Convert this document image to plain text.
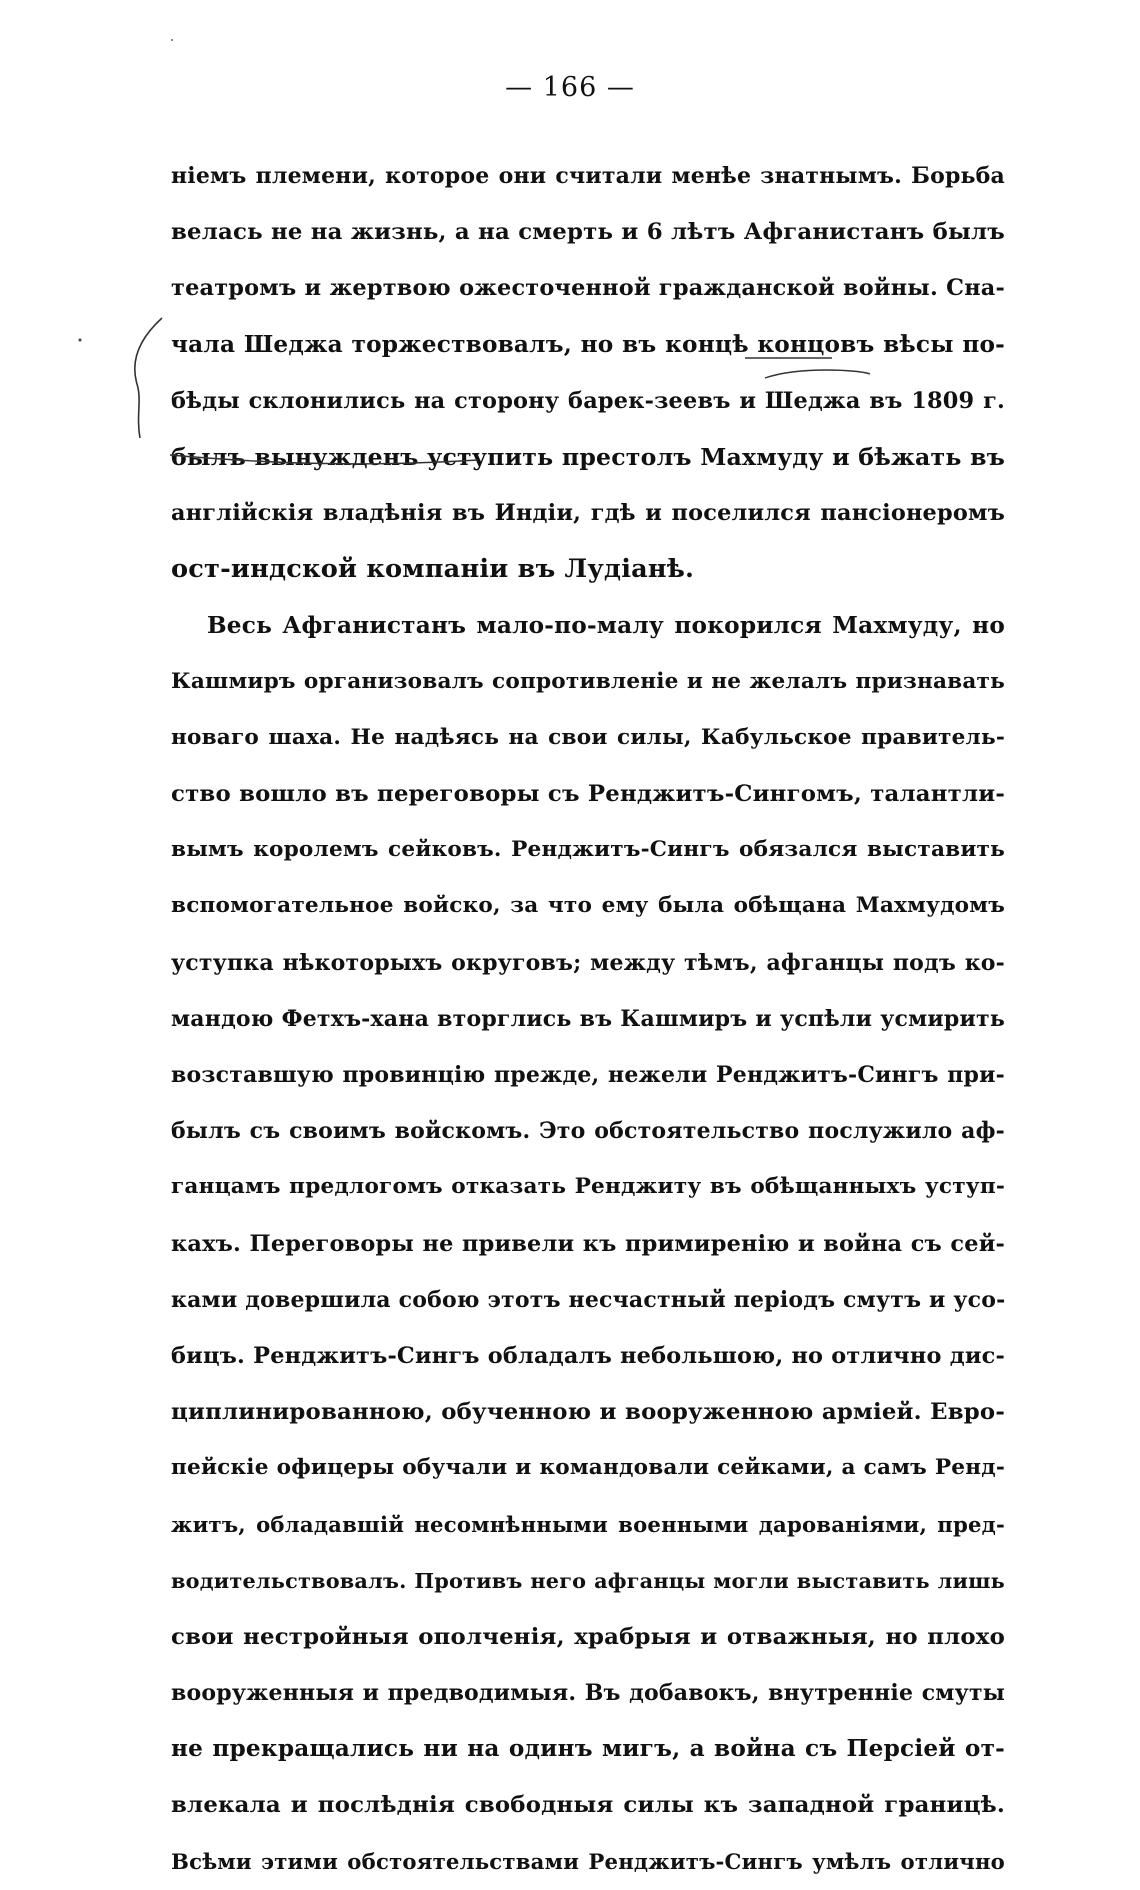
— 166 —
ніемъ племени, которое они считали менѣе знатнымъ. Борьба
велась не на жизнь, а на смерть и 6 лѣтъ Афганистанъ былъ
театромъ и жертвою ожесточенной гражданской войны. Сна-
чала Шеджа торжествовалъ, но въ концѣ концовъ вѣсы по-
бѣды склонились на сторону барек-зеевъ и Шеджа въ 1809 г.
былъ вынужденъ уступить престолъ Махмуду и бѣжать въ
англійскія владѣнія въ Индіи, гдѣ и поселился пансіонеромъ
ост-индской компаніи въ Лудіанѣ.
Весь Афганистанъ мало-по-малу покорился Махмуду, но
Кашмиръ организовалъ сопротивленіе и не желалъ признавать
новаго шаха. Не надѣясь на свои силы, Кабульское правитель-
ство вошло въ переговоры съ Ренджитъ-Сингомъ, талантли-
вымъ королемъ сейковъ. Ренджитъ-Сингъ обязался выставить
вспомогательное войско, за что ему была обѣщана Махмудомъ
уступка нѣкоторыхъ округовъ; между тѣмъ, афганцы подъ ко-
мандою Фетхъ-хана вторглись въ Кашмиръ и успѣли усмирить
возставшую провинцію прежде, нежели Ренджитъ-Сингъ при-
былъ съ своимъ войскомъ. Это обстоятельство послужило аф-
ганцамъ предлогомъ отказать Ренджиту въ обѣщанныхъ уступ-
кахъ. Переговоры не привели къ примиренію и война съ сей-
ками довершила собою этотъ несчастный періодъ смутъ и усо-
бицъ. Ренджитъ-Сингъ обладалъ небольшою, но отлично дис-
циплинированною, обученною и вооруженною арміей. Евро-
пейскіе офицеры обучали и командовали сейками, а самъ Ренд-
житъ, обладавшій несомнѣнными военными дарованіями, пред-
водительствовалъ. Противъ него афганцы могли выставить лишь
свои нестройныя ополченія, храбрыя и отважныя, но плохо
вооруженныя и предводимыя. Въ добавокъ, внутренніе смуты
не прекращались ни на одинъ мигъ, а война съ Персіей от-
влекала и послѣднія свободныя силы къ западной границѣ.
Всѣми этими обстоятельствами Ренджитъ-Сингъ умѣлъ отлично
